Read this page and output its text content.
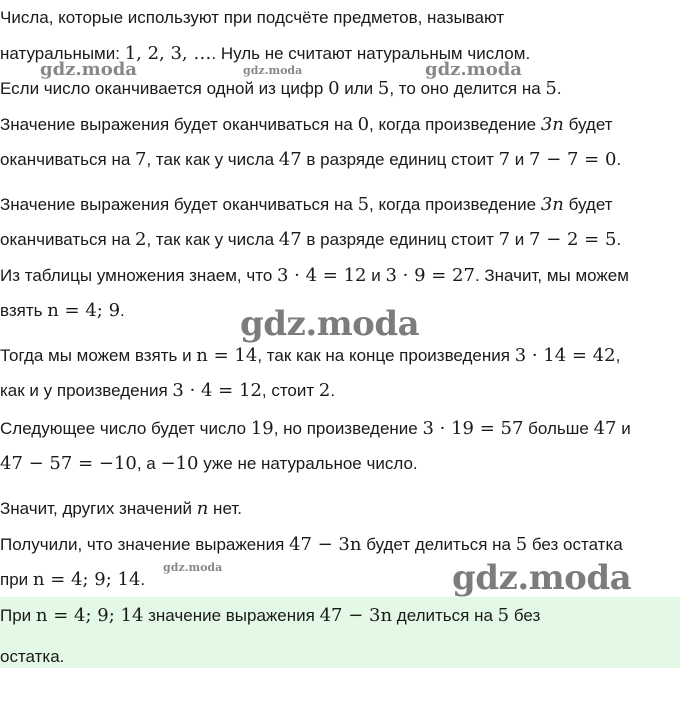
Числа, которые используют при подсчёте предметов, называют
натуральными: 1, 2, 3, …. Нуль не считают натуральным числом.
Если число оканчивается одной из цифр 0 или 5, то оно делится на 5.
Значение выражения будет оканчиваться на 0, когда произведение 3n будет
оканчиваться на 7, так как у числа 47 в разряде единиц стоит 7 и 7 − 7 = 0.
Значение выражения будет оканчиваться на 5, когда произведение 3n будет
оканчиваться на 2, так как у числа 47 в разряде единиц стоит 7 и 7 − 2 = 5.
Из таблицы умножения знаем, что 3 · 4 = 12 и 3 · 9 = 27. Значит, мы можем
взять n = 4; 9.
Тогда мы можем взять и n = 14, так как на конце произведения 3 · 14 = 42,
как и у произведения 3 · 4 = 12, стоит 2.
Следующее число будет число 19, но произведение 3 · 19 = 57 больше 47 и
47 − 57 = −10, а −10 уже не натуральное число.
Значит, других значений n нет.
Получили, что значение выражения 47 − 3n будет делиться на 5 без остатка
при n = 4; 9; 14.
При n = 4; 9; 14 значение выражения 47 − 3n делиться на 5 без
остатка.
gdz.moda	gdz.moda	gdz.moda
gdz.moda
gdz.moda	gdz.moda
